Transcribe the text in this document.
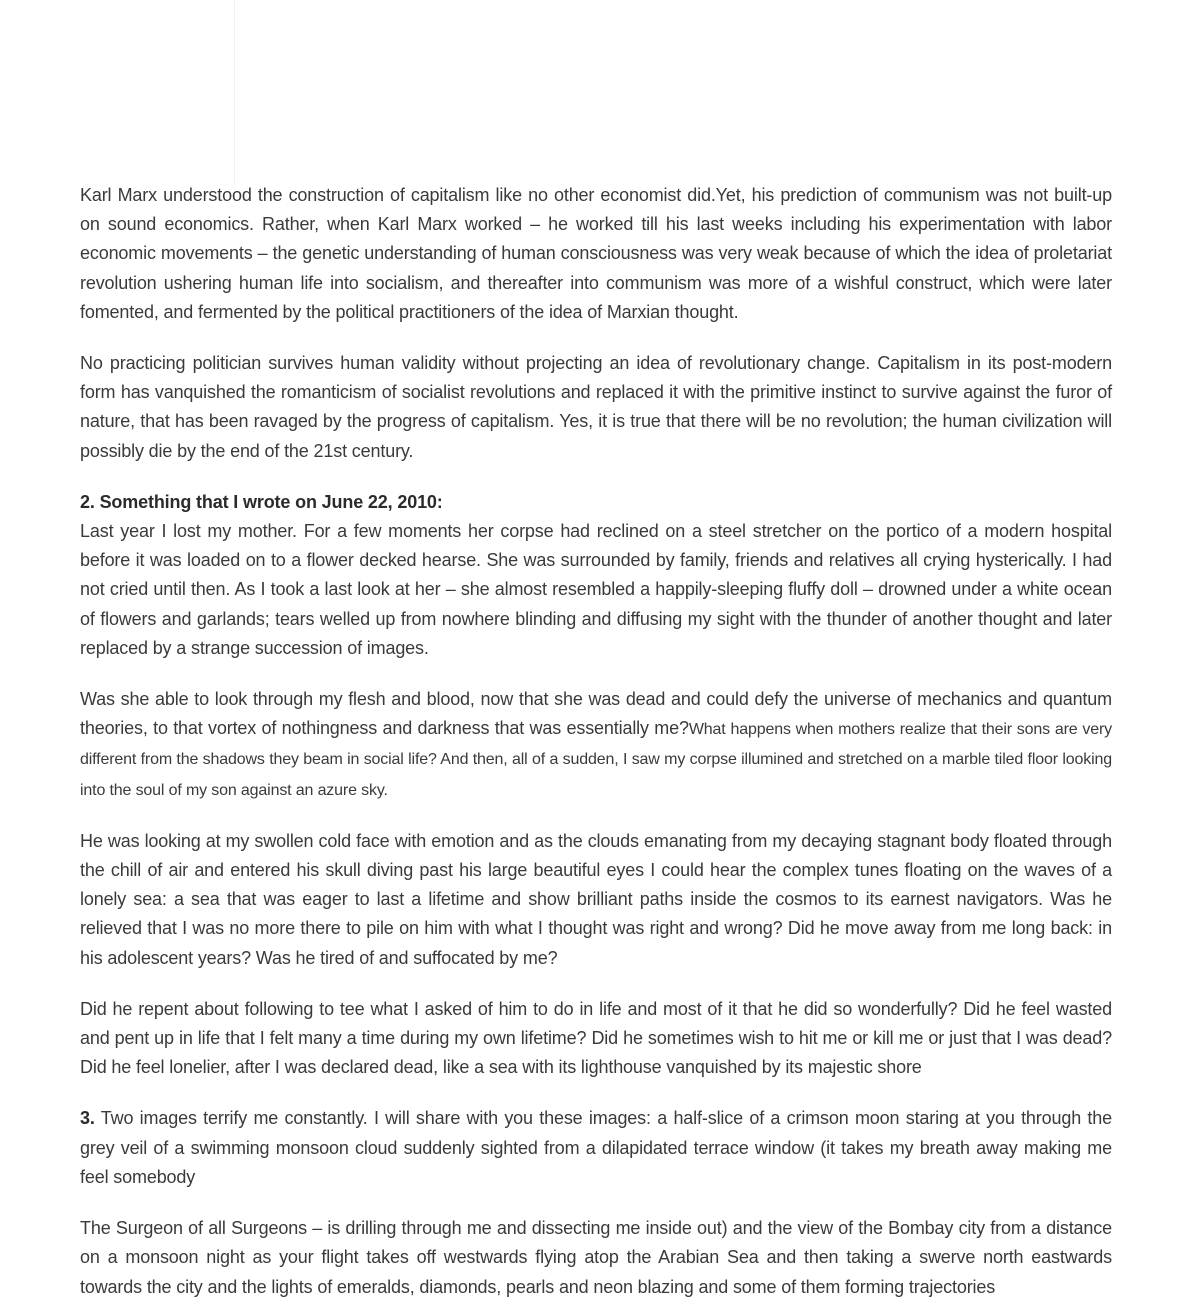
Karl Marx understood the construction of capitalism like no other economist did.Yet, his prediction of communism was not built-up on sound economics. Rather, when Karl Marx worked – he worked till his last weeks including his experimentation with labor economic movements – the genetic understanding of human consciousness was very weak because of which the idea of proletariat revolution ushering human life into socialism, and thereafter into communism was more of a wishful construct, which were later fomented, and fermented by the political practitioners of the idea of Marxian thought.

No practicing politician survives human validity without projecting an idea of revolutionary change. Capitalism in its post-modern form has vanquished the romanticism of socialist revolutions and replaced it with the primitive instinct to survive against the furor of nature, that has been ravaged by the progress of capitalism. Yes, it is true that there will be no revolution; the human civilization will possibly die by the end of the 21st century.

2. Something that I wrote on June 22, 2010:

Last year I lost my mother. For a few moments her corpse had reclined on a steel stretcher on the portico of a modern hospital before it was loaded on to a flower decked hearse. She was surrounded by family, friends and relatives all crying hysterically. I had not cried until then. As I took a last look at her – she almost resembled a happily-sleeping fluffy doll – drowned under a white ocean of flowers and garlands; tears welled up from nowhere blinding and diffusing my sight with the thunder of another thought and later replaced by a strange succession of images.

Was she able to look through my flesh and blood, now that she was dead and could defy the universe of mechanics and quantum theories, to that vortex of nothingness and darkness that was essentially me?What happens when mothers realize that their sons are very different from the shadows they beam in social life? And then, all of a sudden, I saw my corpse illumined and stretched on a marble tiled floor looking into the soul of my son against an azure sky.

He was looking at my swollen cold face with emotion and as the clouds emanating from my decaying stagnant body floated through the chill of air and entered his skull diving past his large beautiful eyes I could hear the complex tunes floating on the waves of a lonely sea: a sea that was eager to last a lifetime and show brilliant paths inside the cosmos to its earnest navigators. Was he relieved that I was no more there to pile on him with what I thought was right and wrong? Did he move away from me long back: in his adolescent years? Was he tired of and suffocated by me?

Did he repent about following to tee what I asked of him to do in life and most of it that he did so wonderfully? Did he feel wasted and pent up in life that I felt many a time during my own lifetime? Did he sometimes wish to hit me or kill me or just that I was dead? Did he feel lonelier, after I was declared dead, like a sea with its lighthouse vanquished by its majestic shore

3. Two images terrify me constantly. I will share with you these images: a half-slice of a crimson moon staring at you through the grey veil of a swimming monsoon cloud suddenly sighted from a dilapidated terrace window (it takes my breath away making me feel somebody

The Surgeon of all Surgeons – is drilling through me and dissecting me inside out) and the view of the Bombay city from a distance on a monsoon night as your flight takes off westwards flying atop the Arabian Sea and then taking a swerve north eastwards towards the city and the lights of emeralds, diamonds, pearls and neon blazing and some of them forming trajectories
